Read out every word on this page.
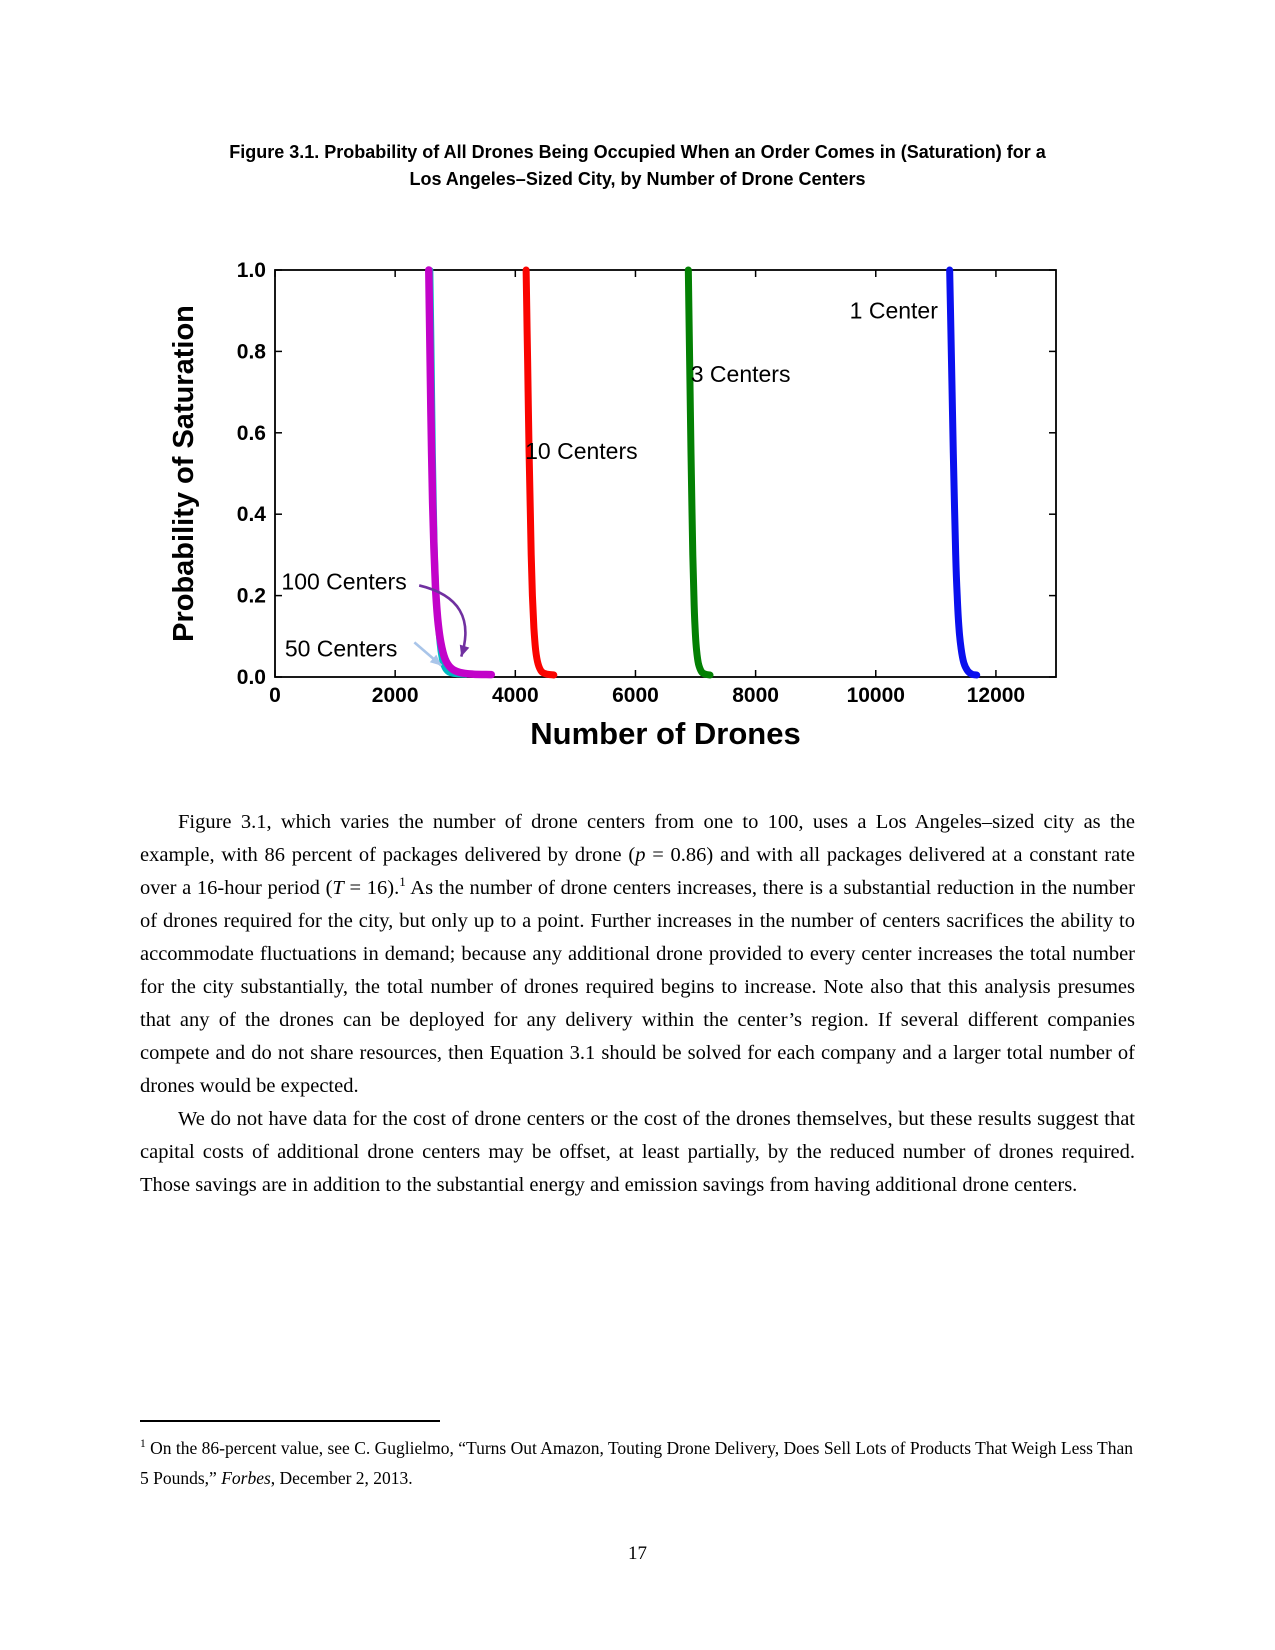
Figure 3.1. Probability of All Drones Being Occupied When an Order Comes in (Saturation) for a
Los Angeles–Sized City, by Number of Drone Centers
0	2000	4000	6000	8000	10000	12000
0.0
0.2
0.4
0.6
0.8
1.0
Number of Drones
Probability of Saturation	1 Center
3 Centers
10 Centers
100 Centers
50 Centers

Figure 3.1, which varies the number of drone centers from one to 100, uses a Los Angeles–sized city as the example, with 86 percent of packages delivered by drone (p = 0.86) and with all packages delivered at a constant rate over a 16-hour period (T = 16).$^1$ As the number of drone centers increases, there is a substantial reduction in the number of drones required for the city, but only up to a point. Further increases in the number of centers sacrifices the ability to accommodate fluctuations in demand; because any additional drone provided to every center increases the total number for the city substantially, the total number of drones required begins to increase. Note also that this analysis presumes that any of the drones can be deployed for any delivery within the center’s region. If several different companies compete and do not share resources, then Equation 3.1 should be solved for each company and a larger total number of drones would be expected.

We do not have data for the cost of drone centers or the cost of the drones themselves, but these results suggest that capital costs of additional drone centers may be offset, at least partially, by the reduced number of drones required. Those savings are in addition to the substantial energy and emission savings from having additional drone centers.

$^1$ On the 86-percent value, see C. Guglielmo, “Turns Out Amazon, Touting Drone Delivery, Does Sell Lots of Products That Weigh Less Than 5 Pounds,” Forbes, December 2, 2013.
17
